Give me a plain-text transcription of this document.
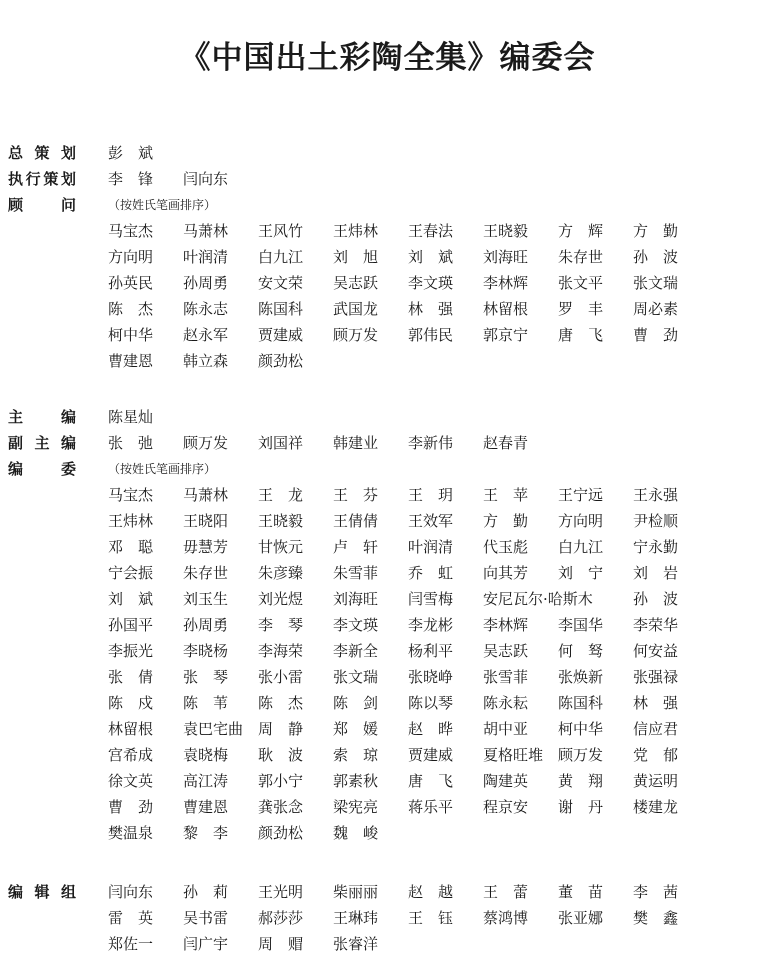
《中国出土彩陶全集》编委会
总策划 彭　斌
执行策划 李　锋	闫向东
顾问	（按姓氏笔画排序）
马宝杰	马萧林	王风竹	王炜林	王春法	王晓毅	方　辉	方　勤
方向明	叶润清	白九江	刘　旭	刘　斌	刘海旺	朱存世	孙　波
孙英民	孙周勇	安文荣	吴志跃	李文瑛	李林辉	张文平	张文瑞
陈　杰	陈永志	陈国科	武国龙	林　强	林留根	罗　丰	周必素
柯中华	赵永军	贾建威	顾万发	郭伟民	郭京宁	唐　飞	曹　劲
曹建恩	韩立森	颜劲松
主编 陈星灿
副主编 张　弛	顾万发	刘国祥	韩建业	李新伟	赵春青
编委	（按姓氏笔画排序）
马宝杰	马萧林	王　龙	王　芬	王　玥	王　苹	王宁远	王永强
王炜林	王晓阳	王晓毅	王倩倩	王效军	方　勤	方向明	尹检顺
邓　聪	毋慧芳	甘恢元	卢　轩	叶润清	代玉彪	白九江	宁永勤
宁会振	朱存世	朱彦臻	朱雪菲	乔　虹	向其芳	刘　宁	刘　岩
刘　斌	刘玉生	刘光煜	刘海旺	闫雪梅	安尼瓦尔·哈斯木	孙　波
孙国平	孙周勇	李　琴	李文瑛	李龙彬	李林辉	李国华	李荣华
李振光	李晓杨	李海荣	李新全	杨利平	吴志跃	何　驽	何安益
张　倩	张　琴	张小雷	张文瑞	张晓峥	张雪菲	张焕新	张强禄
陈　戍	陈　苇	陈　杰	陈　剑	陈以琴	陈永耘	陈国科	林　强
林留根	袁巴宅曲 周　静	郑　媛	赵　晔	胡中亚	柯中华	信应君
宫希成	袁晓梅	耿　波	索　琼	贾建威	夏格旺堆 顾万发	党　郁
徐文英	高江涛	郭小宁	郭素秋	唐　飞	陶建英	黄　翔	黄运明
曹　劲	曹建恩	龚张念	梁宪亮	蒋乐平	程京安	谢　丹	楼建龙
樊温泉	黎　李	颜劲松	魏　峻
编辑组 闫向东	孙　莉	王光明	柴丽丽	赵　越	王　蕾	董　苗	李　茜
雷　英	吴书雷	郝莎莎	王琳玮	王　钰	蔡鸿博	张亚娜	樊　鑫
郑佐一	闫广宇	周　赗	张睿洋
